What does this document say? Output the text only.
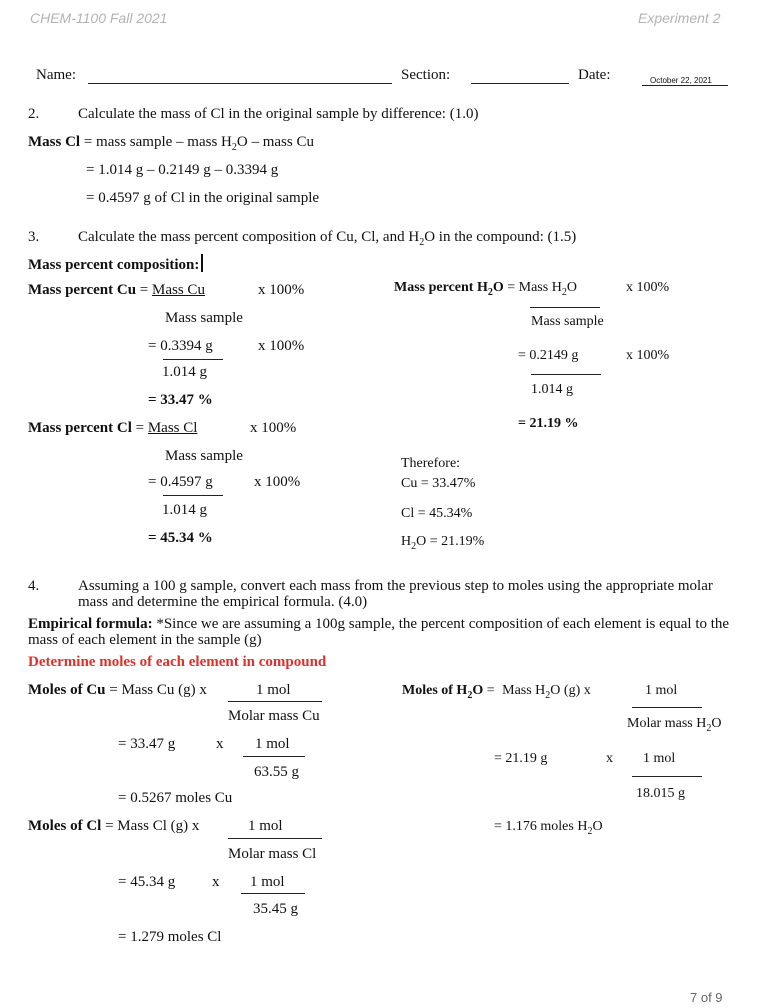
CHEM-1100 Fall 2021	Experiment 2
Name:	Section:	Date:	October 22, 2021
2.	Calculate the mass of Cl in the original sample by difference: (1.0)
Mass Cl = mass sample – mass $H_2O$ – mass Cu
= 1.014 g – 0.2149 g – 0.3394 g
= 0.4597 g of Cl in the original sample
3.	Calculate the mass percent composition of Cu, Cl, and $H_2O$ in the compound: (1.5)
Mass percent composition:
Mass percent Cu = Mass Cu	x 100%
Mass sample
= 0.3394 g	x 100%
1.014 g
= 33.47 %
Mass percent Cl = Mass Cl	x 100%
Mass sample
= 0.4597 g	x 100%
1.014 g
= 45.34 %
Mass percent $H_2O$ = Mass $H_2O$	x 100%
Mass sample
= 0.2149 g	x 100%
1.014 g
= 21.19 %
Therefore:
Cu = 33.47%
Cl = 45.34%
$H_2O = 21.19\%$
4.	Assuming a 100 g sample, convert each mass from the previous step to moles using the appropriate molar mass and determine the empirical formula. (4.0)
Empirical formula: *Since we are assuming a 100g sample, the percent composition of each element is equal to the mass of each element in the sample (g)
Determine moles of each element in compound
Moles of Cu = Mass Cu (g) x	1 mol
Molar mass Cu
= 33.47 g	x 1 mol
63.55 g
= 0.5267 moles Cu
Moles of Cl = Mass Cl (g) x	1 mol
Molar mass Cl
= 45.34 g x 1 mol
35.45 g
= 1.279 moles Cl
Moles of $H_2O$ = Mass $H_2O$ (g) x	1 mol
Molar mass $H_2O$
= 21.19 g	x 1 mol
18.015 g
= 1.176 moles $H_2O$
7 of 9
